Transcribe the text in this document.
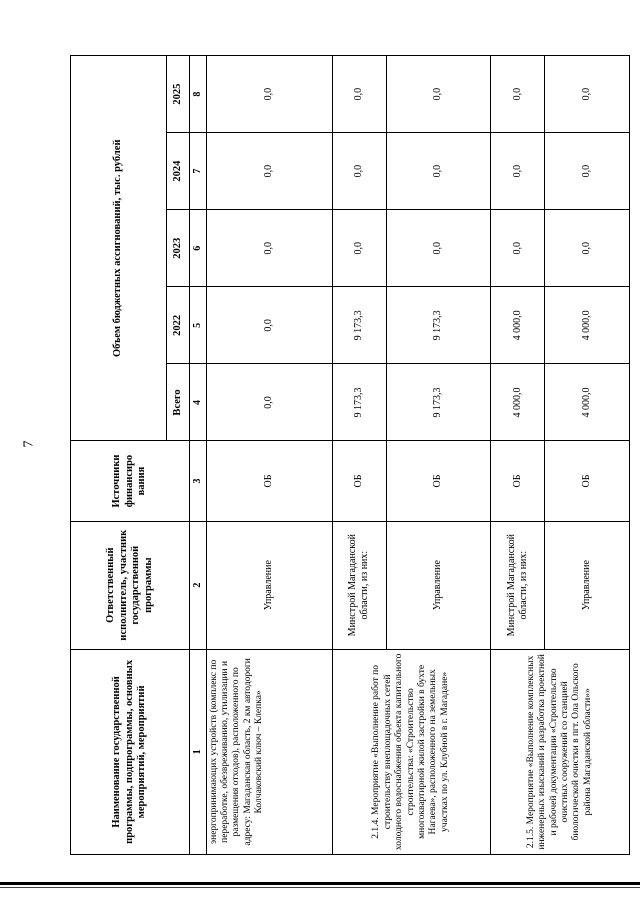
7
Наименование государственной программы, подпрограммы, основных мероприятий, мероприятий	Ответственный исполнитель, участник государственной программы	Источники финансиро вания	Объем бюджетных ассигнований, тыс. рублей				
			Всего	2022	2023	2024	2025
1	2	3	4	5	6	7	8
энергопринимающих устройств (комплекс по переработке, обезвреживанию, утилизации и размещения отходов), расположенного по адресу: Магаданская область, 2 км автодороги Колчаковский ключ – Клепка»	Управление	ОБ	0,0	0,0	0,0	0,0	0,0
2.1.4. Мероприятие «Выполнение работ по строительству внеплощадочных сетей холодного водоснабжения объекта капитального строительства: «Строительство многоквартирной жилой застройки в бухте Нагаева», расположенного на земельных участках по ул. Клубной в г. Магадане»	Минстрой Магаданской области, из них:	ОБ	9 173,3	9 173,3	0,0	0,0	0,0
	Управление	ОБ	9 173,3	9 173,3	0,0	0,0	0,0
2.1.5. Мероприятие «Выполнение комплексных инженерных изысканий и разработка проектной и рабочей документации «Строительство очистных сооружений со станцией биологической очистки в пгт. Ола Ольского района Магаданской области»»	Минстрой Магаданской области, из них:	ОБ	4 000,0	4 000,0	0,0	0,0	0,0
	Управление	ОБ	4 000,0	4 000,0	0,0	0,0	0,0
